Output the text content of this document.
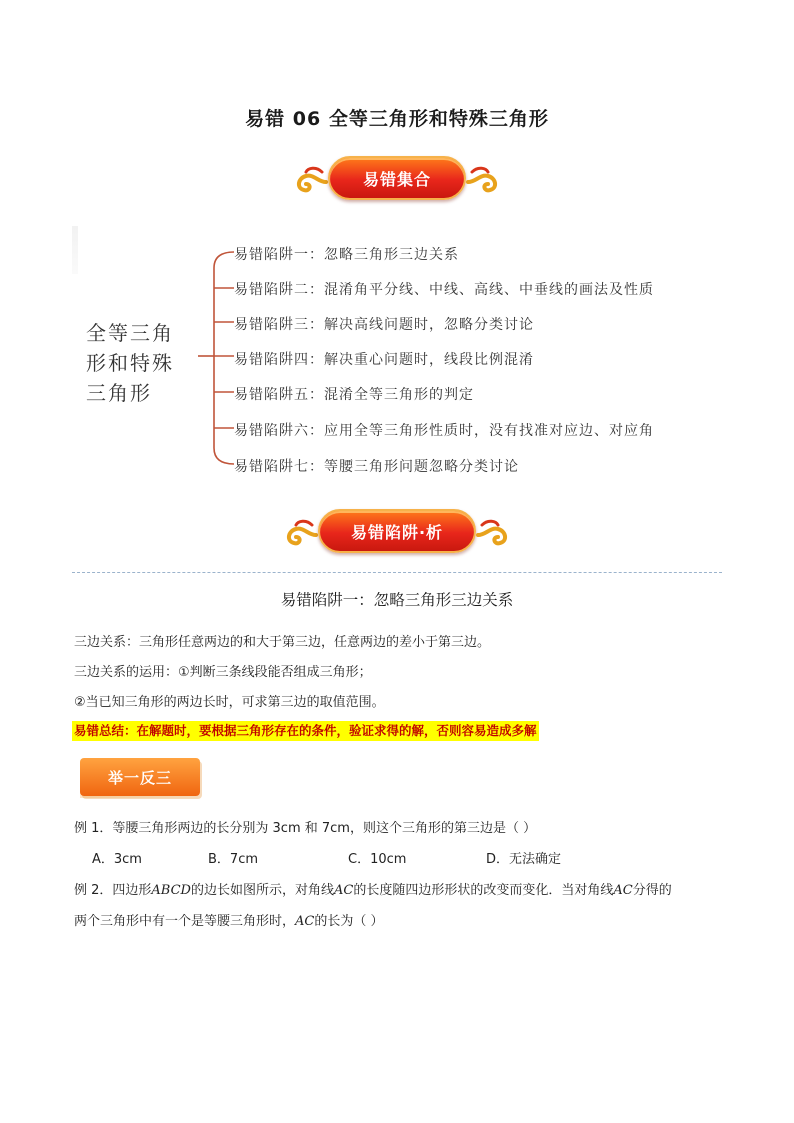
易错 06 全等三角形和特殊三角形
易错集合
全等三角
形和特殊
三角形
易错陷阱一：忽略三角形三边关系
易错陷阱二：混淆角平分线、中线、高线、中垂线的画法及性质
易错陷阱三：解决高线问题时，忽略分类讨论
易错陷阱四：解决重心问题时，线段比例混淆
易错陷阱五：混淆全等三角形的判定
易错陷阱六：应用全等三角形性质时，没有找准对应边、对应角
易错陷阱七：等腰三角形问题忽略分类讨论
易错陷阱·析
易错陷阱一：忽略三角形三边关系
三边关系：三角形任意两边的和大于第三边，任意两边的差小于第三边。
三边关系的运用：①判断三条线段能否组成三角形；
②当已知三角形的两边长时，可求第三边的取值范围。
易错总结：在解题时，要根据三角形存在的条件，验证求得的解，否则容易造成多解
举一反三
例 1．等腰三角形两边的长分别为 3cm 和 7cm，则这个三角形的第三边是（ ）
A．3cm	B．7cm	C．10cm	D．无法确定
例 2．四边形ABCD的边长如图所示，对角线AC的长度随四边形形状的改变而变化．当对角线AC分得的
两个三角形中有一个是等腰三角形时，AC的长为（ ）
